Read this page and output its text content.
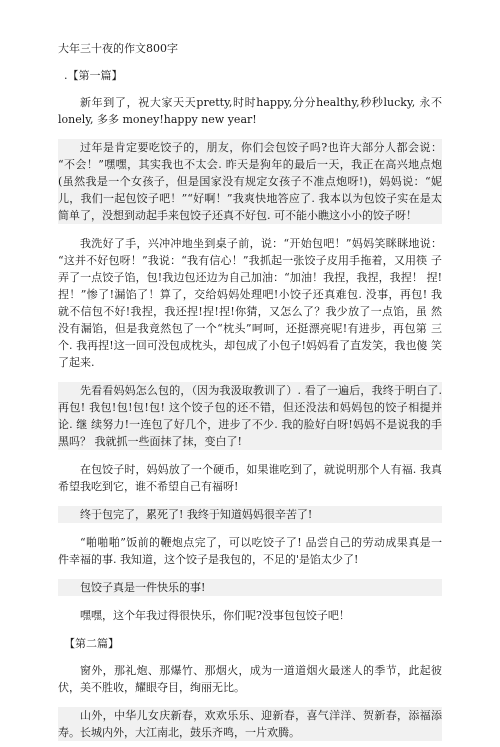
大年三十夜的作文800字
.【第一篇】

新年到了，祝大家天天pretty,时时happy,分分healthy,秒秒lucky, 永不lonely, 多多 money!happy new year!

过年是肯定要吃饺子的，朋友，你们会包饺子吗?也许大部分人都会说： “不会！”嘿嘿，其实我也不太会. 昨天是狗年的最后一天，我正在高兴地点炮 (虽然我是一个女孩子，但是国家没有规定女孩子不准点炮呀!)，妈妈说：“妮 儿，我们一起包饺子吧！”“好啊！”我爽快地答应了. 我本以为包饺子实在是太 简单了，没想到动起手来包饺子还真不好包. 可不能小瞧这小小的饺子呀！

我洗好了手，兴冲冲地坐到桌子前，说：“开始包吧！”妈妈笑眯眯地说： “这并不好包呀！”我说：“我有信心！”我抓起一张饺子皮用手拖着，又用筷 子弄了一点饺子馅，包!我边包还边为自己加油：“加油！我捏，我捏，我捏！ 捏!捏！”惨了!漏馅了！算了，交给妈妈处理吧!小饺子还真难包. 没事，再包! 我 就不信包不好!我捏，我还捏!捏!捏!你猜，又怎么了？我少放了一点馅，虽 然没有漏馅，但是我竟然包了一个“枕头”呵呵，还挺漂亮呢!有进步，再包第 三个. 我再捏!这一回可没包成枕头，却包成了小包子!妈妈看了直发笑，我也傻 笑了起来.

先看看妈妈怎么包的，（因为我汲取教训了）. 看了一遍后，我终于明白了. 再包! 我包!包!包!包! 这个饺子包的还不错，但还没法和妈妈包的饺子相提并论. 继 续努力!一连包了好几个，进步了不少. 我的脸好白呀!妈妈不是说我的手黑吗？ 我就抓一些面抹了抹，变白了!

在包饺子时，妈妈放了一个硬币，如果谁吃到了，就说明那个人有福. 我真 希望我吃到它，谁不希望自己有福呀!

终于包完了，累死了! 我终于知道妈妈很辛苦了!

“啪啪啪”饭前的鞭炮点完了，可以吃饺子了! 品尝自己的劳动成果真是一 件幸福的事. 我知道，这个饺子是我包的，不足的'是馅太少了!

包饺子真是一件快乐的事!

嘿嘿，这个年我过得很快乐，你们呢?没事包包饺子吧！

【第二篇】

窗外，那礼炮、那爆竹、那烟火，成为一道道烟火最迷人的季节，此起彼 伏，美不胜收，耀眼夺目，绚丽无比。

山外，中华儿女庆新春，欢欢乐乐、迎新春，喜气洋洋、贺新春，添福添 寿。长城内外，大江南北，鼓乐齐鸣，一片欢腾。
